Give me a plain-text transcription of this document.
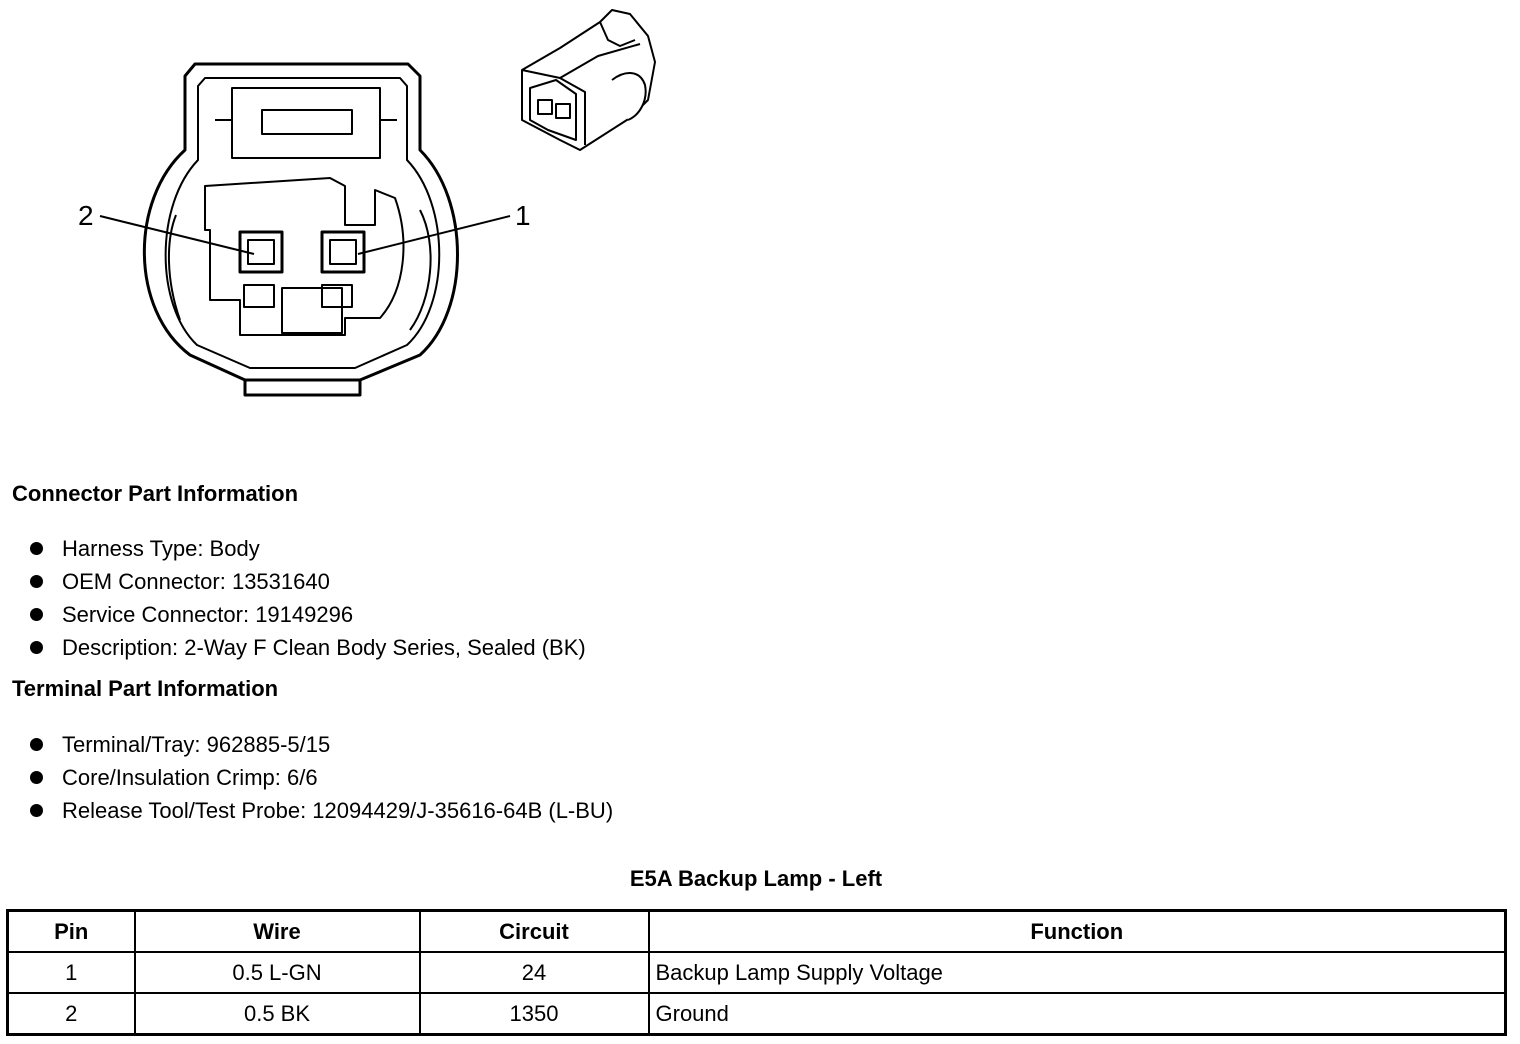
2	1
Connector Part Information
Harness Type: Body
OEM Connector: 13531640
Service Connector: 19149296
Description: 2-Way F Clean Body Series, Sealed (BK)
Terminal Part Information
Terminal/Tray: 962885-5/15
Core/Insulation Crimp: 6/6
Release Tool/Test Probe: 12094429/J-35616-64B (L-BU)
E5A Backup Lamp - Left
Pin	Wire	Circuit	Function
1	0.5 L-GN	24	Backup Lamp Supply Voltage
2	0.5 BK	1350	Ground
